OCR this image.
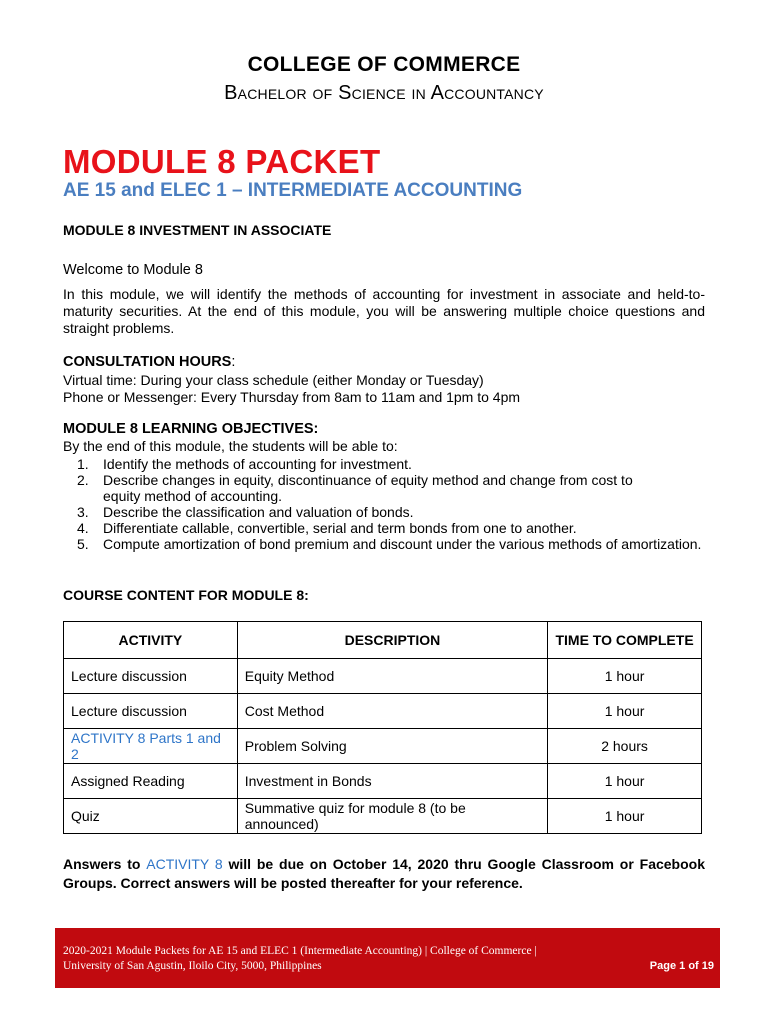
COLLEGE OF COMMERCE
Bachelor of Science in Accountancy
MODULE 8 PACKET
AE 15 and ELEC 1 – INTERMEDIATE ACCOUNTING
MODULE 8 INVESTMENT IN ASSOCIATE
Welcome to Module 8
In this module, we will identify the methods of accounting for investment in associate and held-to-maturity securities. At the end of this module, you will be answering multiple choice questions and straight problems.
CONSULTATION HOURS:
Virtual time: During your class schedule (either Monday or Tuesday)
Phone or Messenger: Every Thursday from 8am to 11am and 1pm to 4pm
MODULE 8 LEARNING OBJECTIVES:
By the end of this module, the students will be able to:
1. Identify the methods of accounting for investment.
2. Describe changes in equity, discontinuance of equity method and change from cost to equity method of accounting.
3. Describe the classification and valuation of bonds.
4. Differentiate callable, convertible, serial and term bonds from one to another.
5. Compute amortization of bond premium and discount under the various methods of amortization.
COURSE CONTENT FOR MODULE 8:
ACTIVITY	DESCRIPTION	TIME TO COMPLETE
Lecture discussion	Equity Method	1 hour
Lecture discussion	Cost Method	1 hour
ACTIVITY 8 Parts 1 and 2	Problem Solving	2 hours
Assigned Reading	Investment in Bonds	1 hour
Quiz	Summative quiz for module 8 (to be announced)	1 hour
Answers to ACTIVITY 8 will be due on October 14, 2020 thru Google Classroom or Facebook Groups. Correct answers will be posted thereafter for your reference.
2020-2021 Module Packets for AE 15 and ELEC 1 (Intermediate Accounting) | College of Commerce |
University of San Agustin, Iloilo City, 5000, Philippines	Page 1 of 19
